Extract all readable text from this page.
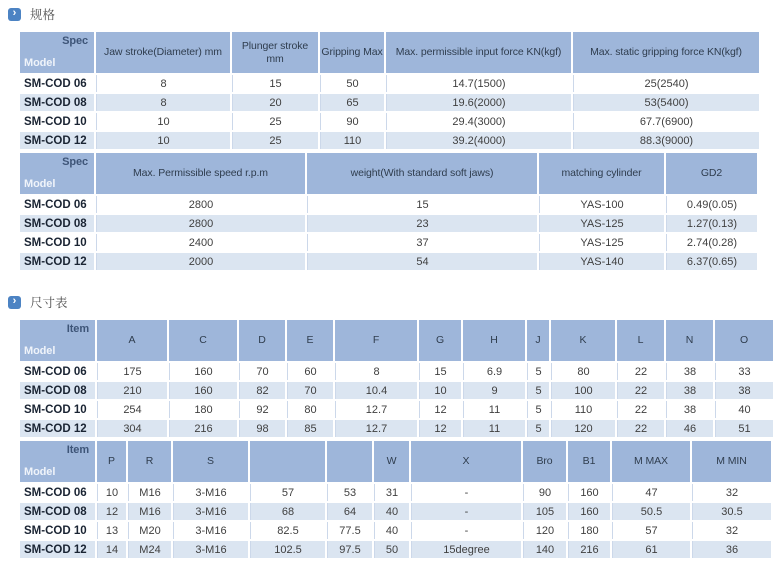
›	规格
Spec
Model	Jaw stroke(Diameter) mm	Plunger stroke mm	Gripping Max	Max. permissible input force KN(kgf)	Max. static gripping force KN(kgf)
SM-COD 06	8	15	50	14.7(1500)	25(2540)
SM-COD 08	8	20	65	19.6(2000)	53(5400)
SM-COD 10	10	25	90	29.4(3000)	67.7(6900)
SM-COD 12	10	25	110	39.2(4000)	88.3(9000)
Spec
Model	Max. Permissible speed r.p.m	weight(With standard soft jaws)	matching cylinder	GD2
SM-COD 06	2800	15	YAS-100	0.49(0.05)
SM-COD 08	2800	23	YAS-125	1.27(0.13)
SM-COD 10	2400	37	YAS-125	2.74(0.28)
SM-COD 12	2000	54	YAS-140	6.37(0.65)
›	尺寸表
Item
Model	A	C	D	E	F	G	H	J	K	L	N	O
SM-COD 06	175	160	70	60	8	15	6.9	5	80	22	38	33
SM-COD 08	210	160	82	70	10.4	10	9	5	100	22	38	38
SM-COD 10	254	180	92	80	12.7	12	11	5	110	22	38	40
SM-COD 12	304	216	98	85	12.7	12	11	5	120	22	46	51
Item
Model	P	R	S			W	X	Bro	B1	M MAX	M MIN
SM-COD 06	10	M16	3-M16	57	53	31	-	90	160	47	32
SM-COD 08	12	M16	3-M16	68	64	40	-	105	160	50.5	30.5
SM-COD 10	13	M20	3-M16	82.5	77.5	40	-	120	180	57	32
SM-COD 12	14	M24	3-M16	102.5	97.5	50	15degree	140	216	61	36
